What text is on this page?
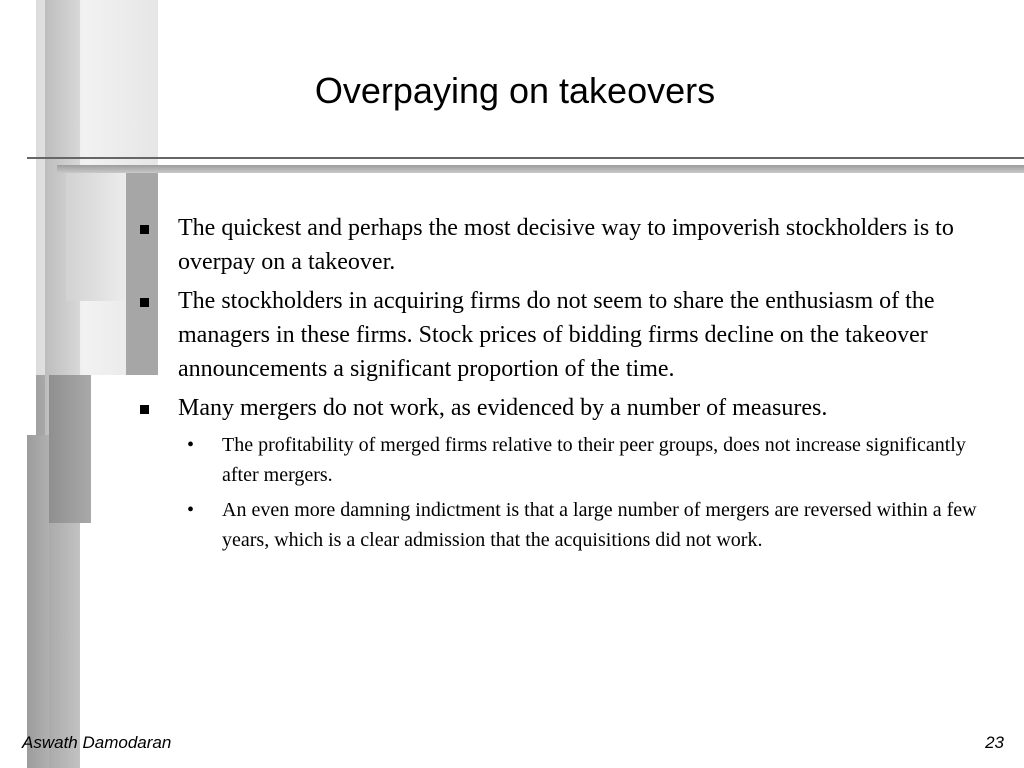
Overpaying on takeovers
The quickest and perhaps the most decisive way to impoverish stockholders is to overpay on a takeover.
The stockholders in acquiring firms do not seem to share the enthusiasm of the managers in these firms. Stock prices of bidding firms decline on the takeover announcements a significant proportion of the time.
Many mergers do not work, as evidenced by a number of measures.
• The profitability of merged firms relative to their peer groups, does not increase significantly after mergers.
• An even more damning indictment is that a large number of mergers are reversed within a few years, which is a clear admission that the acquisitions did not work.
Aswath Damodaran	23
